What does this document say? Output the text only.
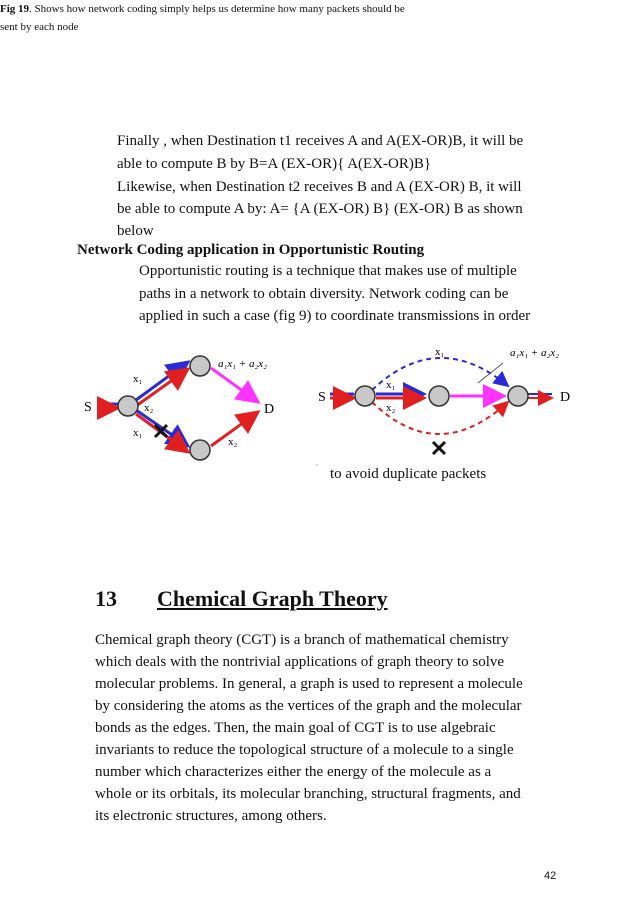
Finally , when Destination t1 receives A and A(EX-OR)B, it will be
able to compute B by B=A (EX-OR){ A(EX-OR)B}
Likewise, when Destination t2 receives B and A (EX-OR) B, it will
be able to compute A by: A= {A (EX-OR) B} (EX-OR) B as shown
below
Network Coding application in Opportunistic Routing
Opportunistic routing is a technique that makes use of multiple
paths in a network to obtain diversity. Network coding can be
applied in such a case (fig 9) to coordinate transmissions in order
S	D
x₁
x₂
x₁
x₂
a₁x₁ + a₂x₂
S	D
x₁
x₁
x₂
a₁x₁ + a₂x₂
,
to avoid duplicate packets
Fig 19. Shows how network coding simply helps us determine how many packets should be
sent by each node
13 Chemical Graph Theory
Chemical graph theory (CGT) is a branch of mathematical chemistry
which deals with the nontrivial applications of graph theory to solve
molecular problems. In general, a graph is used to represent a molecule
by considering the atoms as the vertices of the graph and the molecular
bonds as the edges. Then, the main goal of CGT is to use algebraic
invariants to reduce the topological structure of a molecule to a single
number which characterizes either the energy of the molecule as a
whole or its orbitals, its molecular branching, structural fragments, and
its electronic structures, among others.
42
